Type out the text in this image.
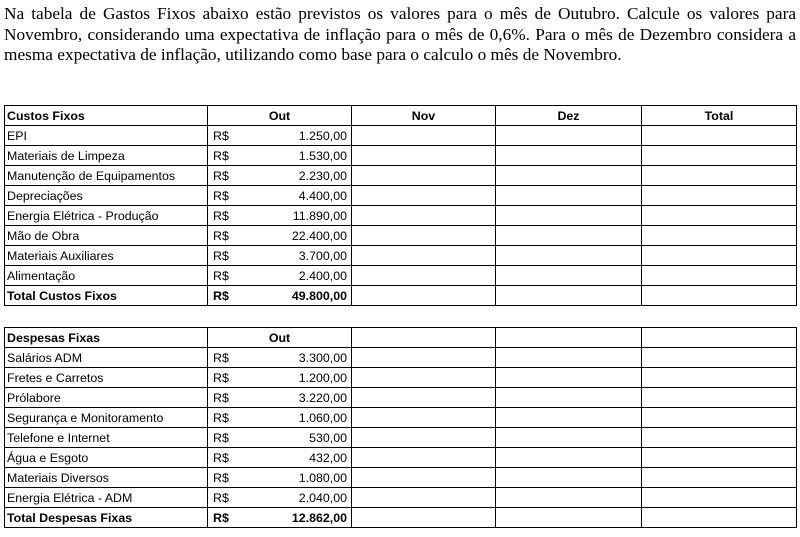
Na tabela de Gastos Fixos abaixo estão previstos os valores para o mês de Outubro. Calcule os valores para Novembro, considerando uma expectativa de inflação para o mês de 0,6%. Para o mês de Dezembro considera a mesma expectativa de inflação, utilizando como base para o calculo o mês de Novembro.
Custos Fixos	Out	Nov	Dez	Total
EPI	R$ 1.250,00			

Materiais de Limpeza	R$ 1.530,00			

Manutenção de Equipamentos	R$ 2.230,00			

Depreciações	R$ 4.400,00			

Energia Elétrica - Produção	R$ 11.890,00			

Mão de Obra	R$ 22.400,00			

Materiais Auxiliares	R$ 3.700,00			

Alimentação	R$ 2.400,00			

Total Custos Fixos	R$ 49.800,00			

Despesas Fixas	Out			
Salários ADM	R$ 3.300,00			

Fretes e Carretos	R$ 1.200,00			

Prólabore	R$ 3.220,00			

Segurança e Monitoramento	R$ 1.060,00			

Telefone e Internet	R$ 530,00			

Água e Esgoto	R$ 432,00			

Materiais Diversos	R$ 1.080,00			

Energia Elétrica - ADM	R$ 2.040,00			

Total Despesas Fixas	R$ 12.862,00			
